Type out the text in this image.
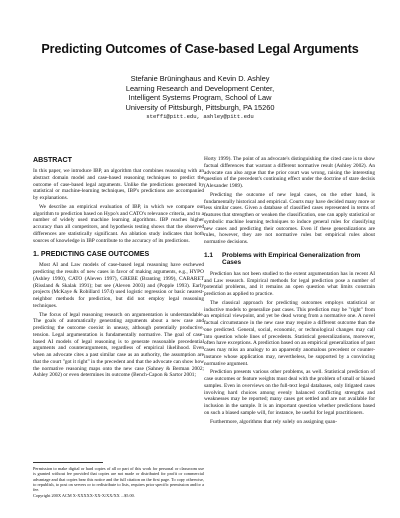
Predicting Outcomes of Case-based Legal Arguments
Stefanie Brüninghaus and Kevin D. Ashley
Learning Research and Development Center,
Intelligent Systems Program, School of Law
University of Pittsburgh, Pittsburgh, PA 15260
steffi@pitt.edu, ashley@pitt.edu
ABSTRACT

In this paper, we introduce IBP, an algorithm that combines reasoning with an abstract domain model and case-based reasoning techniques to predict the outcome of case-based legal arguments. Unlike the predictions generated by statistical or machine-learning techniques, IBP's predictions are accompanied by explanations.

We describe an empirical evaluation of IBP, in which we compare our algorithm to prediction based on Hypo's and CATO's relevance criteria, and to a number of widely used machine learning algorithms. IBP reaches higher accuracy than all competitors, and hypothesis testing shows that the observed differences are statistically significant. An ablation study indicates that both sources of knowledge in IBP contribute to the accuracy of its predictions.

1. PREDICTING CASE OUTCOMES

Most AI and Law models of case-based legal reasoning have eschewed predicting the results of new cases in favor of making arguments, e.g., HYPO (Ashley 1990), CATO (Aleven 1997), GREBE (Branting 1999), CABARET (Rissland & Skalak 1991); but see (Aleven 2003) and (Popple 1993). Early projects (McKaye & Robillard 1974) used logistic regression or basic nearest-neighbor methods for prediction, but did not employ legal reasoning techniques.

The focus of legal reasoning research on argumentation is understandable. The goals of automatically generating arguments about a new case and predicting the outcome coexist in uneasy, although potentially productive, tension. Legal argumentation is fundamentally normative. The goal of case-based AI models of legal reasoning is to generate reasonable precedential arguments and counterarguments, regardless of empirical likelihood. Even when an advocate cites a past similar case as an authority, the assumption are that the court "got it right" in the precedent and that the advocate can show how the normative reasoning maps onto the new case (Sahney & Berman 2002; Ashley 2002) or even determines its outcome (Bench-Capon & Sartor 2001;

Horty 1999). The point of an advocate's distinguishing the cited case is to show factual differences that warrant a different normative result (Ashley 2002). An advocate can also argue that the prior court was wrong, raising the interesting question of the precedent's continuing effect under the doctrine of stare decisis (Alexander 1989).

Predicting the outcome of new legal cases, on the other hand, is fundamentally historical and empirical. Courts may have decided many more or less similar cases. Given a database of classified cases represented in terms of features that strengthen or weaken the classification, one can apply statistical or symbolic machine learning techniques to induce general rules for classifying new cases and predicting their outcomes. Even if these generalizations are rules, however, they are not normative rules but empirical rules about normative decisions.

1.1	Problems with Empirical Generalization from Cases

Prediction has not been studied to the extent argumentation has in recent AI and Law research. Empirical methods for legal prediction pose a number of potential problems, and it remains an open question what limits constrain prediction as applied to practice.

The classical approach for predicting outcomes employs statistical or inductive models to generalize past cases. This prediction may be "right" from an empirical viewpoint, and yet be dead wrong from a normative one. A novel factual circumstance in the new case may require a different outcome than the one predicted. General, social, economic, or technological changes may call into question whole lines of precedents. Statistical generalizations, moreover, often have exceptions. A prediction based on an empirical generalization of past cases may miss an analogy to an apparently anomalous precedent or counter-instance whose application may, nevertheless, be supported by a convincing normative argument.

Prediction presents various other problems, as well. Statistical prediction of case outcomes or feature weights must deal with the problem of small or biased samples. Even in overviews on the full-text legal databases, only litigated cases involving hard choices among evenly balanced conflicting strengths and weaknesses may be reported; many cases get settled and are not available for inclusion in the sample. It is an important question whether predictions based on such a biased sample will, for instance, be useful for legal practitioners.

Furthermore, algorithms that rely solely on assigning quan-

Permission to make digital or hard copies of all or part of this work for personal or classroom use is granted without fee provided that copies are not made or distributed for profit or commercial advantage and that copies bear this notice and the full citation on the first page. To copy otherwise, to republish, to post on servers or to redistribute to lists, requires prior specific permission and/or a fee.
Copyright 200X ACM X-XXXXX-XX-X/XX/XX ...$5.00.
